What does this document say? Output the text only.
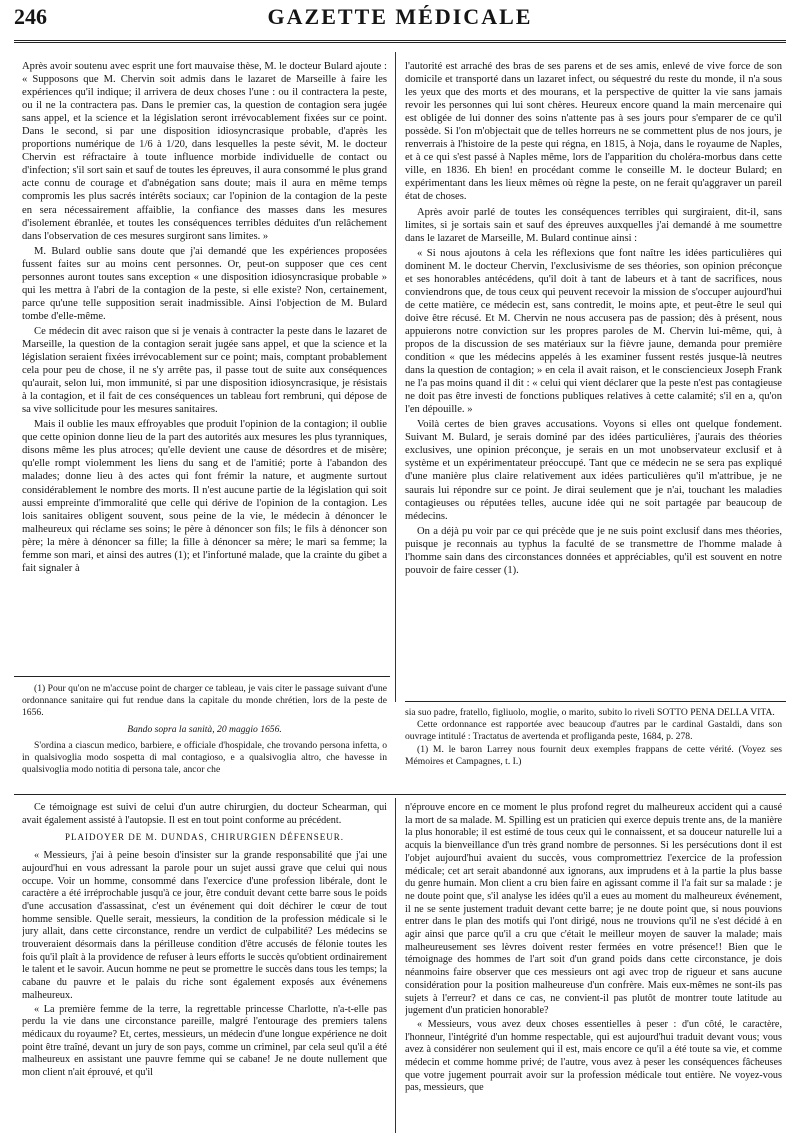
246	GAZETTE MÉDICALE

Après avoir soutenu avec esprit une fort mauvaise thèse, M. le docteur Bulard ajoute : « Supposons que M. Chervin soit admis dans le lazaret de Marseille à faire les expériences qu'il indique; il arrivera de deux choses l'une : ou il contractera la peste, ou il ne la contractera pas. Dans le premier cas, la question de contagion sera jugée sans appel, et la science et la législation seront irrévocablement fixées sur ce point. Dans le second, si par une disposition idiosyncrasique probable, d'après les proportions numérique de 1/6 à 1/20, dans lesquelles la peste sévit, M. le docteur Chervin est réfractaire à toute influence morbide individuelle de contact ou d'infection; s'il sort sain et sauf de toutes les épreuves, il aura consommé le plus grand acte connu de courage et d'abnégation sans doute; mais il aura en même temps compromis les plus sacrés intérêts sociaux; car l'opinion de la contagion de la peste en sera nécessairement affaiblie, la confiance des masses dans les mesures d'isolement ébranlée, et toutes les conséquences terribles déduites d'un relâchement dans l'observation de ces mesures surgiront sans limites. »

M. Bulard oublie sans doute que j'ai demandé que les expériences proposées fussent faites sur au moins cent personnes. Or, peut-on supposer que ces cent personnes auront toutes sans exception « une disposition idiosyncrasique probable » qui les mettra à l'abri de la contagion de la peste, si elle existe? Non, certainement, parce qu'une telle supposition serait inadmissible. Ainsi l'objection de M. Bulard tombe d'elle-même.

Ce médecin dit avec raison que si je venais à contracter la peste dans le lazaret de Marseille, la question de la contagion serait jugée sans appel, et que la science et la législation seraient fixées irrévocablement sur ce point; mais, comptant probablement cela pour peu de chose, il ne s'y arrête pas, il passe tout de suite aux conséquences qu'aurait, selon lui, mon immunité, si par une disposition idiosyncrasique, je résistais à la contagion, et il fait de ces conséquences un tableau fort rembruni, qui dépose de sa vive sollicitude pour les mesures sanitaires.

Mais il oublie les maux effroyables que produit l'opinion de la contagion; il oublie que cette opinion donne lieu de la part des autorités aux mesures les plus tyranniques, disons même les plus atroces; qu'elle devient une cause de désordres et de misère; qu'elle rompt violemment les liens du sang et de l'amitié; porte à l'abandon des malades; donne lieu à des actes qui font frémir la nature, et augmente surtout considérablement le nombre des morts. Il n'est aucune partie de la législation qui soit aussi empreinte d'immoralité que celle qui dérive de l'opinion de la contagion. Les lois sanitaires obligent souvent, sous peine de la vie, le médecin à dénoncer le malheureux qui réclame ses soins; le père à dénoncer son fils; le fils à dénoncer son père; la mère à dénoncer sa fille; la fille à dénoncer sa mère; le mari sa femme; la femme son mari, et ainsi des autres (1); et l'infortuné malade, que la crainte du gibet a fait signaler à

l'autorité est arraché des bras de ses parens et de ses amis, enlevé de vive force de son domicile et transporté dans un lazaret infect, ou séquestré du reste du monde, il n'a sous les yeux que des morts et des mourans, et la perspective de quitter la vie sans jamais revoir les personnes qui lui sont chères. Heureux encore quand la main mercenaire qui est obligée de lui donner des soins n'attente pas à ses jours pour s'emparer de ce qu'il possède. Si l'on m'objectait que de telles horreurs ne se commettent plus de nos jours, je renverrais à l'histoire de la peste qui régna, en 1815, à Noja, dans le royaume de Naples, et à ce qui s'est passé à Naples même, lors de l'apparition du choléra-morbus dans cette ville, en 1836. Eh bien! en procédant comme le conseille M. le docteur Bulard; en expérimentant dans les lieux mêmes où règne la peste, on ne ferait qu'aggraver un pareil état de choses.

Après avoir parlé de toutes les conséquences terribles qui surgiraient, dit-il, sans limites, si je sortais sain et sauf des épreuves auxquelles j'ai demandé à me soumettre dans le lazaret de Marseille, M. Bulard continue ainsi :

« Si nous ajoutons à cela les réflexions que font naître les idées particulières qui dominent M. le docteur Chervin, l'exclusivisme de ses théories, son opinion préconçue et ses honorables antécédens, qu'il doit à tant de labeurs et à tant de sacrifices, nous conviendrons que, de tous ceux qui peuvent recevoir la mission de s'occuper aujourd'hui de cette matière, ce médecin est, sans contredit, le moins apte, et peut-être le seul qui doive être récusé. Et M. Chervin ne nous accusera pas de passion; dès à présent, nous appuierons notre conviction sur les propres paroles de M. Chervin lui-même, qui, à propos de la discussion de ses matériaux sur la fièvre jaune, demanda pour première condition « que les médecins appelés à les examiner fussent restés jusque-là neutres dans la question de contagion; » en cela il avait raison, et le consciencieux Joseph Frank ne l'a pas moins quand il dit : « celui qui vient déclarer que la peste n'est pas contagieuse ne doit pas être investi de fonctions publiques relatives à cette calamité; s'il en a, qu'on l'en dépouille. »

Voilà certes de bien graves accusations. Voyons si elles ont quelque fondement. Suivant M. Bulard, je serais dominé par des idées particulières, j'aurais des théories exclusives, une opinion préconçue, je serais en un mot unobservateur exclusif et à système et un expérimentateur préoccupé. Tant que ce médecin ne se sera pas expliqué d'une manière plus claire relativement aux idées particulières qu'il m'attribue, je ne saurais lui répondre sur ce point. Je dirai seulement que je n'ai, touchant les maladies contagieuses ou réputées telles, aucune idée qui ne soit partagée par beaucoup de médecins.

On a déjà pu voir par ce qui précède que je ne suis point exclusif dans mes théories, puisque je reconnais au typhus la faculté de se transmettre de l'homme malade à l'homme sain dans des circonstances données et appréciables, qu'il est souvent en notre pouvoir de faire cesser (1).

(1) Pour qu'on ne m'accuse point de charger ce tableau, je vais citer le passage suivant d'une ordonnance sanitaire qui fut rendue dans la capitale du monde chrétien, lors de la peste de 1656.

Bando sopra la sanità, 20 maggio 1656.

S'ordina a ciascun medico, barbiere, e officiale d'hospidale, che trovando persona infetta, o in qualsivoglia modo sospetta di mal contagioso, e a qualsivoglia altro, che havesse in qualsivoglia modo notitia di persona tale, ancor che

sia suo padre, fratello, figliuolo, moglie, o marito, subito lo riveli SOTTO PENA DELLA VITA.

Cette ordonnance est rapportée avec beaucoup d'autres par le cardinal Gastaldi, dans son ouvrage intitulé : Tractatus de avertenda et profliganda peste, 1684, p. 278.

(1) M. le baron Larrey nous fournit deux exemples frappans de cette vérité. (Voyez ses Mémoires et Campagnes, t. I.)

Ce témoignage est suivi de celui d'un autre chirurgien, du docteur Schearman, qui avait également assisté à l'autopsie. Il est en tout point conforme au précédent.

PLAIDOYER DE M. DUNDAS, CHIRURGIEN DÉFENSEUR.

« Messieurs, j'ai à peine besoin d'insister sur la grande responsabilité que j'ai une aujourd'hui en vous adressant la parole pour un sujet aussi grave que celui qui nous occupe. Voir un homme, consommé dans l'exercice d'une profession libérale, dont le caractère a été irréprochable jusqu'à ce jour, être conduit devant cette barre sous le poids d'une accusation d'assassinat, c'est un événement qui doit déchirer le cœur de tout homme sensible. Quelle serait, messieurs, la condition de la profession médicale si le jury allait, dans cette circonstance, rendre un verdict de culpabilité? Les médecins se trouveraient désormais dans la périlleuse condition d'être accusés de félonie toutes les fois qu'il plaît à la providence de refuser à leurs efforts le succès qu'obtient ordinairement le talent et le savoir. Aucun homme ne peut se promettre le succès dans tous les temps; la cabane du pauvre et le palais du riche sont également exposés aux événemens malheureux.

« La première femme de la terre, la regrettable princesse Charlotte, n'a-t-elle pas perdu la vie dans une circonstance pareille, malgré l'entourage des premiers talens médicaux du royaume? Et, certes, messieurs, un médecin d'une longue expérience ne doit point être traîné, devant un jury de son pays, comme un criminel, par cela seul qu'il a été malheureux en assistant une pauvre femme qui se cabane! Je ne doute nullement que mon client n'ait éprouvé, et qu'il

n'éprouve encore en ce moment le plus profond regret du malheureux accident qui a causé la mort de sa malade. M. Spilling est un praticien qui exerce depuis trente ans, de la manière la plus honorable; il est estimé de tous ceux qui le connaissent, et sa douceur naturelle lui a acquis la bienveillance d'un très grand nombre de personnes. Si les persécutions dont il est l'objet aujourd'hui avaient du succès, vous compromettriez l'exercice de la profession médicale; cet art serait abandonné aux ignorans, aux imprudens et à la partie la plus basse du genre humain. Mon client a cru bien faire en agissant comme il l'a fait sur sa malade : je ne doute point que, s'il analyse les idées qu'il a eues au moment du malheureux événement, il ne se sente justement traduit devant cette barre; je ne doute point que, si nous pouvions entrer dans le plan des motifs qui l'ont dirigé, nous ne trouvions qu'il ne s'est décidé à en agir ainsi que parce qu'il a cru que c'était le meilleur moyen de sauver la malade; mais malheureusement ses lèvres doivent rester fermées en votre présence!! Bien que le témoignage des hommes de l'art soit d'un grand poids dans cette circonstance, je dois néanmoins faire observer que ces messieurs ont agi avec trop de rigueur et sans aucune considération pour la position malheureuse d'un confrère. Mais eux-mêmes ne sont-ils pas sujets à l'erreur? et dans ce cas, ne convient-il pas plutôt de montrer toute latitude au jugement d'un praticien honorable?

« Messieurs, vous avez deux choses essentielles à peser : d'un côté, le caractère, l'honneur, l'intégrité d'un homme respectable, qui est aujourd'hui traduit devant vous; vous avez à considérer non seulement qui il est, mais encore ce qu'il a été toute sa vie, et comme médecin et comme homme privé; de l'autre, vous avez à peser les conséquences fâcheuses que votre jugement pourrait avoir sur la profession médicale tout entière. Ne voyez-vous pas, messieurs, que
